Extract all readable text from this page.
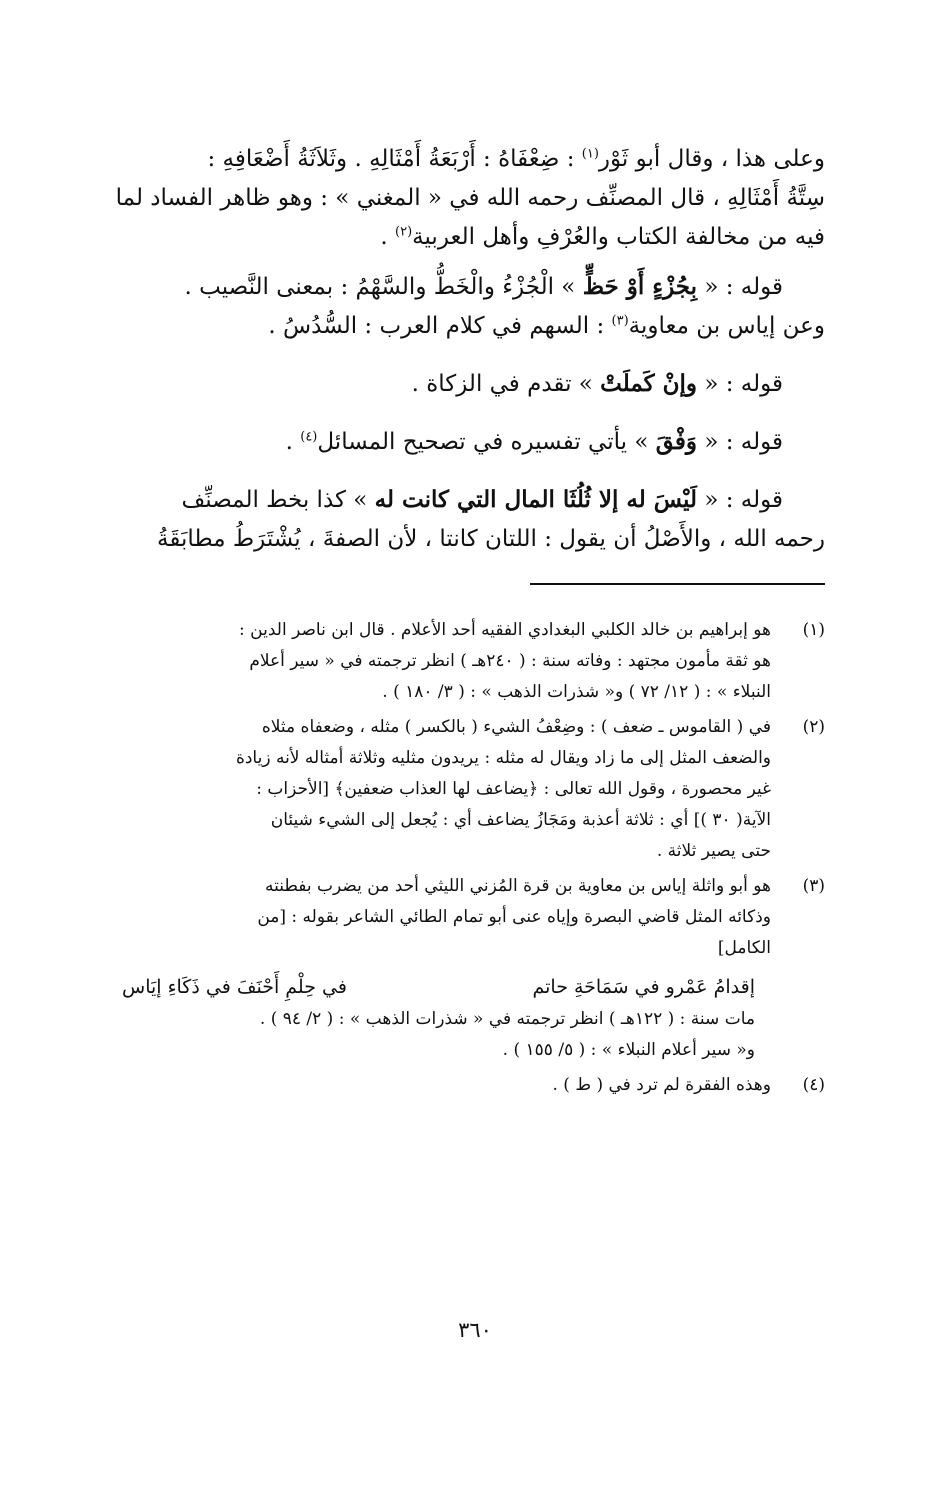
وعلى هذا ، وقال أبو ثَوْر$^{(١)}$ : ضِعْفَاهُ : أَرْبَعَةُ أَمْثَالِهِ . وثَلاَثَةُ أَضْعَافِهِ :
سِتَّةُ أَمْثَالِهِ ، قال المصنِّف رحمه الله في « المغني » : وهو ظاهر الفساد لما
فيه من مخالفة الكتاب والعُرْفِ وأهل العربية$^{(٢)}$ .

قوله : « بِجُزْءٍ أَوْ حَظٍّ » الْجُزْءُ والْخَطُّ والسَّهْمُ : بمعنى النَّصيب .

وعن إياس بن معاوية$^{(٣)}$ : السهم في كلام العرب : السُّدُسُ .

قوله : « وإنْ كَملَتْ » تقدم في الزكاة .

قوله : « وَفْقَ » يأتي تفسيره في تصحيح المسائل$^{(٤)}$ .

قوله : « لَيْسَ له إلا ثُلُثَا المال التي كانت له » كذا بخط المصنِّف

رحمه الله ، والأَصْلُ أن يقول : اللتان كانتا ، لأن الصفةَ ، يُشْتَرَطُ مطابَقَةُ

(١)
هو إبراهيم بن خالد الكلبي البغدادي الفقيه أحد الأعلام . قال ابن ناصر الدين :
هو ثقة مأمون مجتهد : وفاته سنة : ( ٢٤٠هـ ) انظر ترجمته في « سير أعلام
النبلاء » : ( ١٢/ ٧٢ ) و« شذرات الذهب » : ( ٣/ ١٨٠ ) .
(٢)
في ( القاموس ـ ضعف ) : وضِعْفُ الشيء ( بالكسر ) مثله ، وضعفاه مثلاه
والضعف المثل إلى ما زاد ويقال له مثله : يريدون مثليه وثلاثة أمثاله لأنه زيادة
غير محصورة ، وقول الله تعالى : ﴿يضاعف لها العذاب ضعفين﴾ [الأحزاب :
الآية( ٣٠ )] أي : ثلاثة أعذبة ومَجَازُ يضاعف أي : يُجعل إلى الشيء شيئان
حتى يصير ثلاثة .
(٣)
هو أبو واثلة إياس بن معاوية بن قرة المُزني الليثي أحد من يضرب بفطنته
وذكائه المثل قاضي البصرة وإياه عنى أبو تمام الطائي الشاعر بقوله : [من
الكامل]
إقدامُ عَمْرو في سَمَاحَةِ حاتم
في حِلْمِ أَحْنَفَ في ذَكَاءِ إيَاس
مات سنة : ( ١٢٢هـ ) انظر ترجمته في « شذرات الذهب » : ( ٢/ ٩٤ ) .
و« سير أعلام النبلاء » : ( ٥/ ١٥٥ ) .
(٤)
وهذه الفقرة لم ترد في ( ط ) .
٣٦٠
